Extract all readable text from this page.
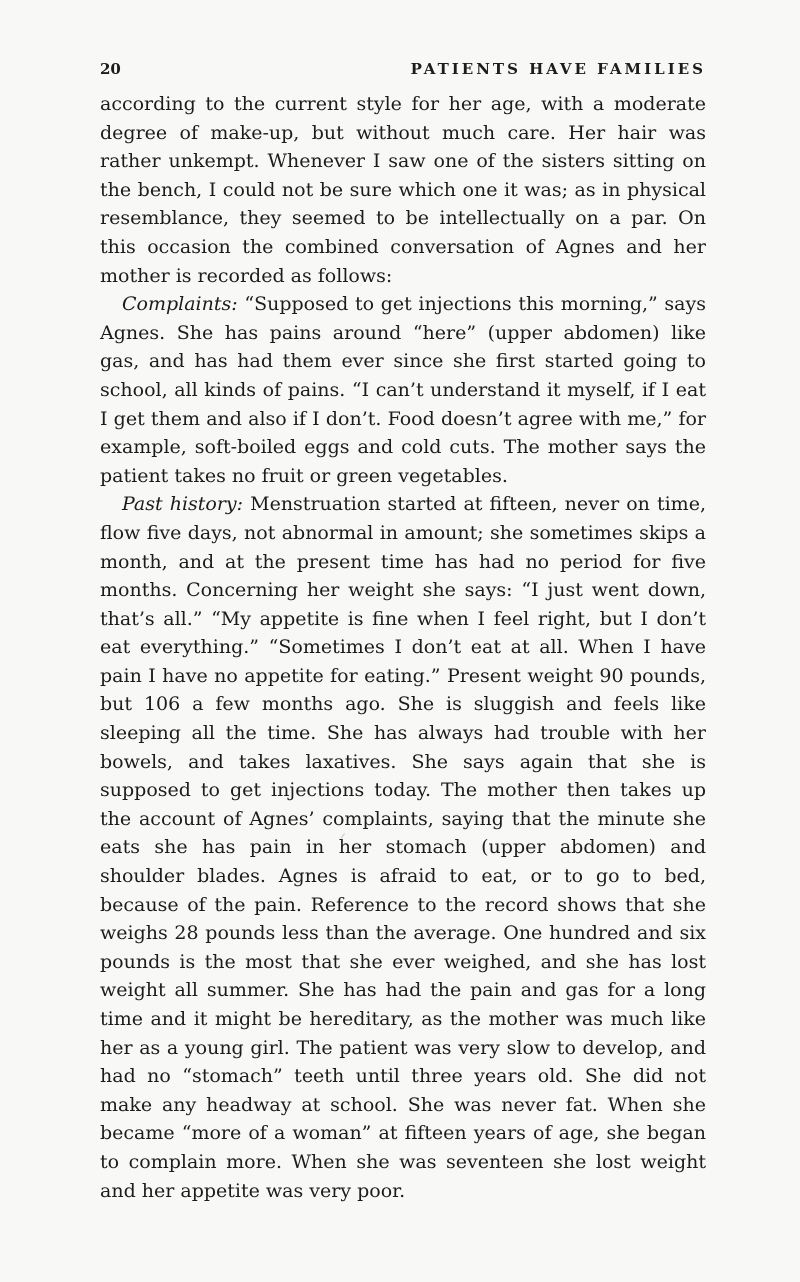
20	PATIENTS HAVE FAMILIES

according to the current style for her age, with a moderate degree of make-up, but without much care. Her hair was rather unkempt. Whenever I saw one of the sisters sitting on the bench, I could not be sure which one it was; as in physical resemblance, they seemed to be intellectually on a par. On this occasion the combined conversation of Agnes and her mother is recorded as follows:

Complaints: “Supposed to get injections this morning,” says Agnes. She has pains around “here” (upper abdomen) like gas, and has had them ever since she first started going to school, all kinds of pains. “I can’t understand it myself, if I eat I get them and also if I don’t. Food doesn’t agree with me,” for example, soft-boiled eggs and cold cuts. The mother says the patient takes no fruit or green vegetables.

Past history: Menstruation started at fifteen, never on time, flow five days, not abnormal in amount; she sometimes skips a month, and at the present time has had no period for five months. Concerning her weight she says: “I just went down, that’s all.” “My appetite is fine when I feel right, but I don’t eat everything.” “Sometimes I don’t eat at all. When I have pain I have no appetite for eating.” Present weight 90 pounds, but 106 a few months ago. She is sluggish and feels like sleeping all the time. She has always had trouble with her bowels, and takes laxatives. She says again that she is supposed to get injections today. The mother then takes up the account of Agnes’ complaints, saying that the minute she eats she has pain in her stomach (upper abdomen) and shoulder blades. Agnes is afraid to eat, or to go to bed, because of the pain. Reference to the record shows that she weighs 28 pounds less than the average. One hundred and six pounds is the most that she ever weighed, and she has lost weight all summer. She has had the pain and gas for a long time and it might be hereditary, as the mother was much like her as a young girl. The patient was very slow to develop, and had no “stomach” teeth until three years old. She did not make any headway at school. She was never fat. When she became “more of a woman” at fifteen years of age, she began to complain more. When she was seventeen she lost weight and her appetite was very poor.
